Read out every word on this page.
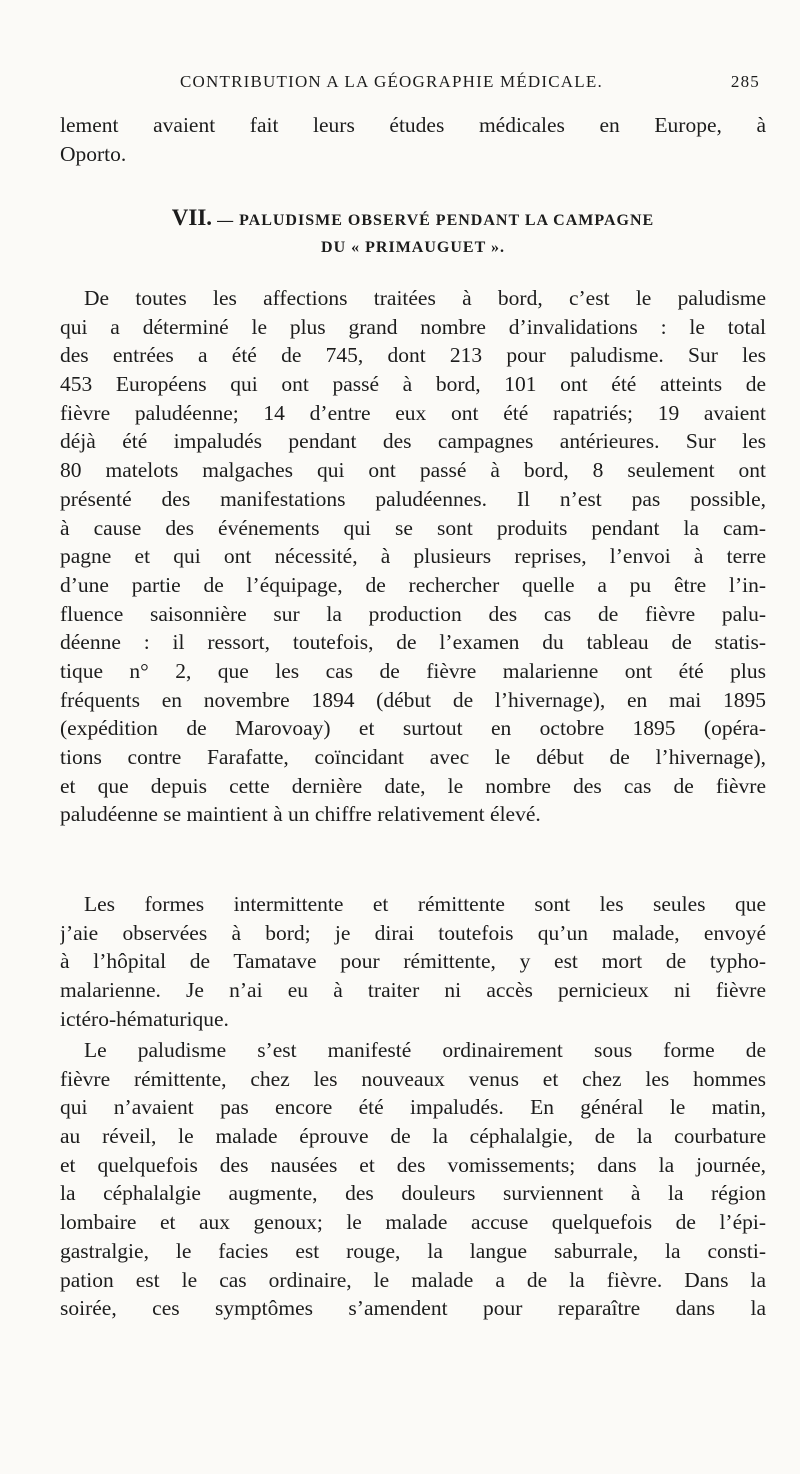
CONTRIBUTION A LA GÉOGRAPHIE MÉDICALE.	285
lement avaient fait leurs études médicales en Europe, à
Oporto.
VII. — PALUDISME OBSERVÉ PENDANT LA CAMPAGNE
DU « PRIMAUGUET ».
De toutes les affections traitées à bord, c’est le paludisme
qui a déterminé le plus grand nombre d’invalidations : le total
des entrées a été de 745, dont 213 pour paludisme. Sur les
453 Européens qui ont passé à bord, 101 ont été atteints de
fièvre paludéenne; 14 d’entre eux ont été rapatriés; 19 avaient
déjà été impaludés pendant des campagnes antérieures. Sur les
80 matelots malgaches qui ont passé à bord, 8 seulement ont
présenté des manifestations paludéennes. Il n’est pas possible,
à cause des événements qui se sont produits pendant la cam-
pagne et qui ont nécessité, à plusieurs reprises, l’envoi à terre
d’une partie de l’équipage, de rechercher quelle a pu être l’in-
fluence saisonnière sur la production des cas de fièvre palu-
déenne : il ressort, toutefois, de l’examen du tableau de statis-
tique n° 2, que les cas de fièvre malarienne ont été plus
fréquents en novembre 1894 (début de l’hivernage), en mai 1895
(expédition de Marovoay) et surtout en octobre 1895 (opéra-
tions contre Farafatte, coïncidant avec le début de l’hivernage),
et que depuis cette dernière date, le nombre des cas de fièvre
paludéenne se maintient à un chiffre relativement élevé.
Les formes intermittente et rémittente sont les seules que
j’aie observées à bord; je dirai toutefois qu’un malade, envoyé
à l’hôpital de Tamatave pour rémittente, y est mort de typho-
malarienne. Je n’ai eu à traiter ni accès pernicieux ni fièvre
ictéro-hématurique.
Le paludisme s’est manifesté ordinairement sous forme de
fièvre rémittente, chez les nouveaux venus et chez les hommes
qui n’avaient pas encore été impaludés. En général le matin,
au réveil, le malade éprouve de la céphalalgie, de la courbature
et quelquefois des nausées et des vomissements; dans la journée,
la céphalalgie augmente, des douleurs surviennent à la région
lombaire et aux genoux; le malade accuse quelquefois de l’épi-
gastralgie, le facies est rouge, la langue saburrale, la consti-
pation est le cas ordinaire, le malade a de la fièvre. Dans la
soirée, ces symptômes s’amendent pour reparaître dans la
